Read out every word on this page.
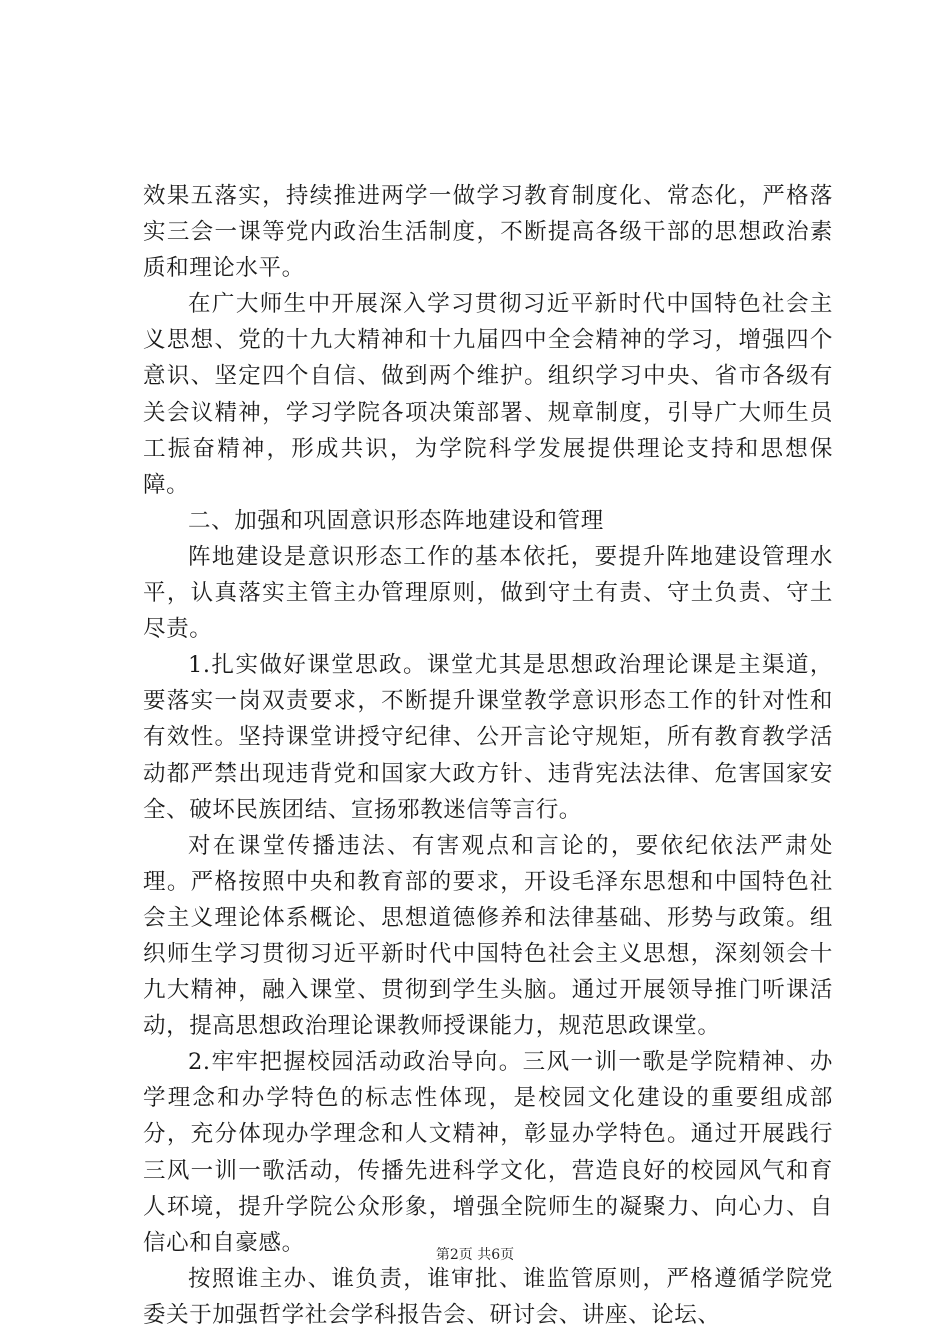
效果五落实，持续推进两学一做学习教育制度化、常态化，严格落实三会一课等党内政治生活制度，不断提高各级干部的思想政治素质和理论水平。

在广大师生中开展深入学习贯彻习近平新时代中国特色社会主义思想、党的十九大精神和十九届四中全会精神的学习，增强四个意识、坚定四个自信、做到两个维护。组织学习中央、省市各级有关会议精神，学习学院各项决策部署、规章制度，引导广大师生员工振奋精神，形成共识，为学院科学发展提供理论支持和思想保障。

二、加强和巩固意识形态阵地建设和管理

阵地建设是意识形态工作的基本依托，要提升阵地建设管理水平，认真落实主管主办管理原则，做到守土有责、守土负责、守土尽责。

1.扎实做好课堂思政。课堂尤其是思想政治理论课是主渠道，要落实一岗双责要求，不断提升课堂教学意识形态工作的针对性和有效性。坚持课堂讲授守纪律、公开言论守规矩，所有教育教学活动都严禁出现违背党和国家大政方针、违背宪法法律、危害国家安全、破坏民族团结、宣扬邪教迷信等言行。

对在课堂传播违法、有害观点和言论的，要依纪依法严肃处理。严格按照中央和教育部的要求，开设毛泽东思想和中国特色社会主义理论体系概论、思想道德修养和法律基础、形势与政策。组织师生学习贯彻习近平新时代中国特色社会主义思想，深刻领会十九大精神，融入课堂、贯彻到学生头脑。通过开展领导推门听课活动，提高思想政治理论课教师授课能力，规范思政课堂。

2.牢牢把握校园活动政治导向。三风一训一歌是学院精神、办学理念和办学特色的标志性体现，是校园文化建设的重要组成部分，充分体现办学理念和人文精神，彰显办学特色。通过开展践行三风一训一歌活动，传播先进科学文化，营造良好的校园风气和育人环境，提升学院公众形象，增强全院师生的凝聚力、向心力、自信心和自豪感。

按照谁主办、谁负责，谁审批、谁监管原则，严格遵循学院党委关于加强哲学社会学科报告会、研讨会、讲座、论坛、

第2页 共6页
